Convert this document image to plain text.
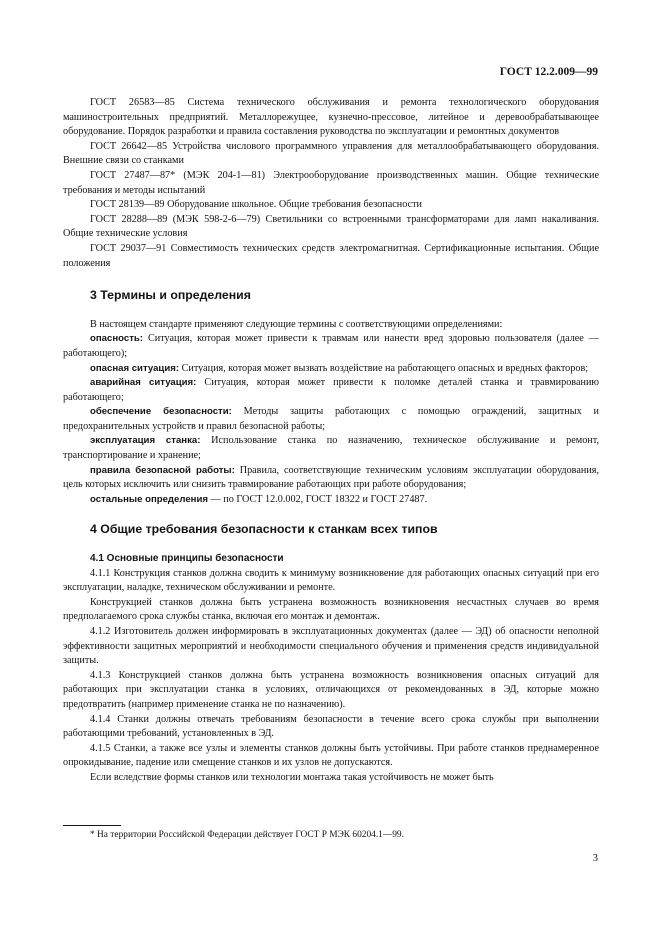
ГОСТ 12.2.009—99

ГОСТ 26583—85 Система технического обслуживания и ремонта технологического оборудования машиностроительных предприятий. Металлорежущее, кузнечно-прессовое, литейное и деревообрабатывающее оборудование. Порядок разработки и правила составления руководства по эксплуатации и ремонтных документов

ГОСТ 26642—85 Устройства числового программного управления для металлообрабатывающего оборудования. Внешние связи со станками

ГОСТ 27487—87* (МЭК 204-1—81) Электрооборудование производственных машин. Общие технические требования и методы испытаний

ГОСТ 28139—89 Оборудование школьное. Общие требования безопасности

ГОСТ 28288—89 (МЭК 598-2-6—79) Светильники со встроенными трансформаторами для ламп накаливания. Общие технические условия

ГОСТ 29037—91 Совместимость технических средств электромагнитная. Сертификационные испытания. Общие положения

3 Термины и определения

В настоящем стандарте применяют следующие термины с соответствующими определениями:

опасность: Ситуация, которая может привести к травмам или нанести вред здоровью пользователя (далее — работающего);

опасная ситуация: Ситуация, которая может вызвать воздействие на работающего опасных и вредных факторов;

аварийная ситуация: Ситуация, которая может привести к поломке деталей станка и травмированию работающего;

обеспечение безопасности: Методы защиты работающих с помощью ограждений, защитных и предохранительных устройств и правил безопасной работы;

эксплуатация станка: Использование станка по назначению, техническое обслуживание и ремонт, транспортирование и хранение;

правила безопасной работы: Правила, соответствующие техническим условиям эксплуатации оборудования, цель которых исключить или снизить травмирование работающих при работе оборудования;

остальные определения — по ГОСТ 12.0.002, ГОСТ 18322 и ГОСТ 27487.

4 Общие требования безопасности к станкам всех типов
4.1 Основные принципы безопасности

4.1.1 Конструкция станков должна сводить к минимуму возникновение для работающих опасных ситуаций при его эксплуатации, наладке, техническом обслуживании и ремонте.

Конструкцией станков должна быть устранена возможность возникновения несчастных случаев во время предполагаемого срока службы станка, включая его монтаж и демонтаж.

4.1.2 Изготовитель должен информировать в эксплуатационных документах (далее — ЭД) об опасности неполной эффективности защитных мероприятий и необходимости специального обучения и применения средств индивидуальной защиты.

4.1.3 Конструкцией станков должна быть устранена возможность возникновения опасных ситуаций для работающих при эксплуатации станка в условиях, отличающихся от рекомендованных в ЭД, которые можно предотвратить (например применение станка не по назначению).

4.1.4 Станки должны отвечать требованиям безопасности в течение всего срока службы при выполнении работающими требований, установленных в ЭД.

4.1.5 Станки, а также все узлы и элементы станков должны быть устойчивы. При работе станков преднамеренное опрокидывание, падение или смещение станков и их узлов не допускаются.

Если вследствие формы станков или технологии монтажа такая устойчивость не может быть

* На территории Российской Федерации действует ГОСТ Р МЭК 60204.1—99.
3
